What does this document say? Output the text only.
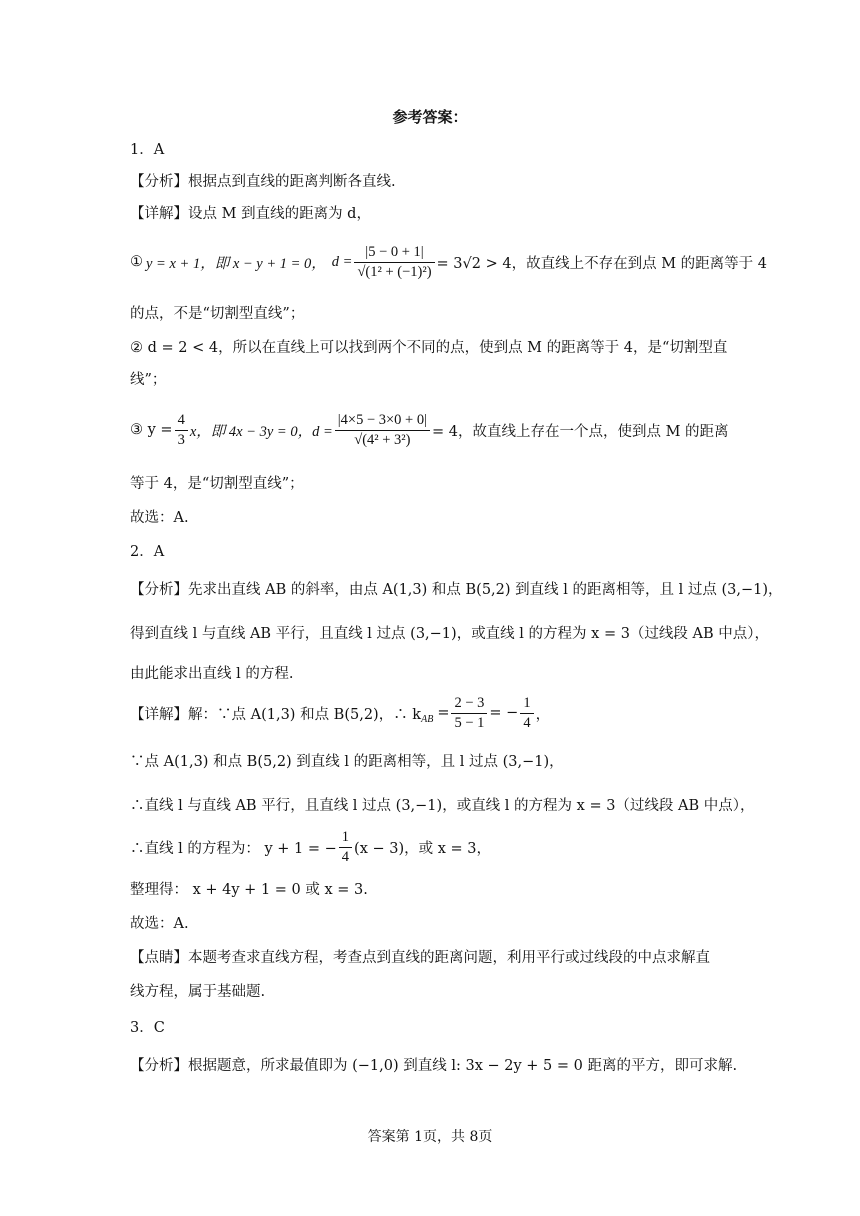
参考答案：
1．A
【分析】根据点到直线的距离判断各直线.
【详解】设点 M 到直线的距离为 d，
① y = x + 1，即 x − y + 1 = 0， $d = \frac{|5 - 0 + 1|}{\text{√(1² + (−1)²)}} = 3√2 > 4$，故直线上不存在到点 M 的距离等于 4
的点，不是“切割型直线”；
② d = 2 < 4，所以在直线上可以找到两个不同的点，使到点 M 的距离等于 4，是“切割型直
线”；
③ $y = \frac{4}{3}$ x，即 4x − 3y = 0，$d = \frac{|4\times 5 - 3\times 0 + 0|}{\text{√(4² + 3²)}} = 4$，故直线上存在一个点，使到点 M 的距离
等于 4，是“切割型直线”；
故选：A.
2．A
【分析】先求出直线 AB 的斜率，由点 A(1,3) 和点 B(5,2) 到直线 l 的距离相等，且 l 过点 (3,−1)，
得到直线 l 与直线 AB 平行，且直线 l 过点 (3,−1)，或直线 l 的方程为 x = 3（过线段 AB 中点），
由此能求出直线 l 的方程.
【详解】解：∵点 A(1,3) 和点 B(5,2)，∴ $k_{AB} = \frac{2 - 3}{5 - 1}$ = − $\frac{1}{4}$ ，
∵点 A(1,3) 和点 B(5,2) 到直线 l 的距离相等，且 l 过点 (3,−1)，
∴直线 l 与直线 AB 平行，且直线 l 过点 (3,−1)，或直线 l 的方程为 x = 3（过线段 AB 中点），
∴直线 l 的方程为： y + 1 = − $\frac{1}{4} (x - 3)$，或 x = 3，
整理得： x + 4y + 1 = 0 或 x = 3.
故选：A.
【点睛】本题考查求直线方程，考查点到直线的距离问题，利用平行或过线段的中点求解直
线方程，属于基础题.
3．C
【分析】根据题意，所求最值即为 (−1,0) 到直线 l: 3x − 2y + 5 = 0 距离的平方，即可求解.
答案第 1页，共 8页
